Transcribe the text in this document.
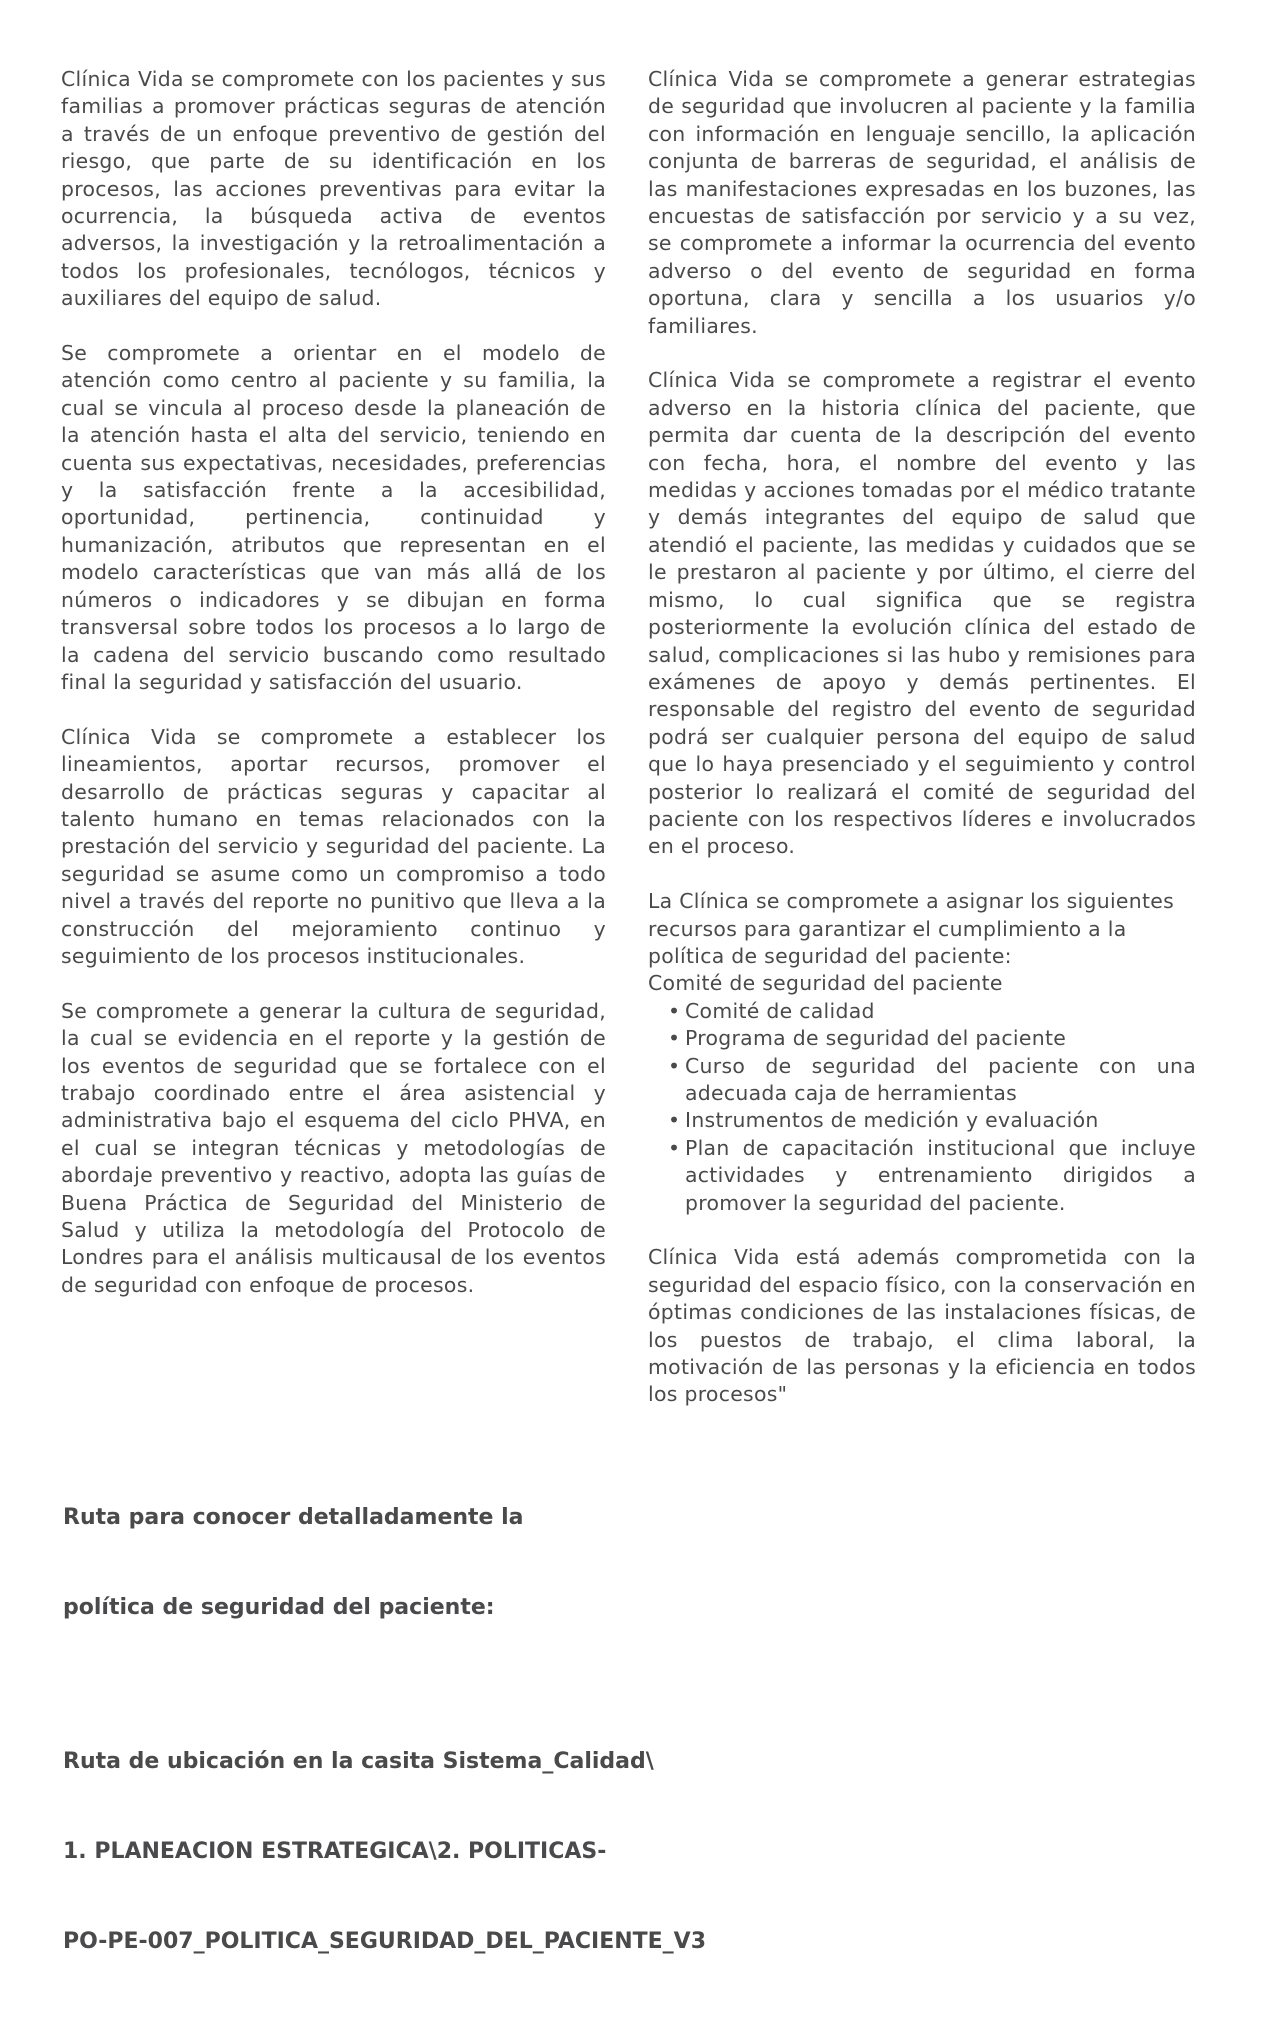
Clínica Vida se compromete con los pacientes y sus familias a promover prácticas seguras de atención a través de un enfoque preventivo de gestión del riesgo, que parte de su identificación en los procesos, las acciones preventivas para evitar la ocurrencia, la búsqueda activa de eventos adversos, la investigación y la retroalimentación a todos los profesionales, tecnólogos, técnicos y auxiliares del equipo de salud.

Se compromete a orientar en el modelo de atención como centro al paciente y su familia, la cual se vincula al proceso desde la planeación de la atención hasta el alta del servicio, teniendo en cuenta sus expectativas, necesidades, preferencias y la satisfacción frente a la accesibilidad, oportunidad, pertinencia, continuidad y humanización, atributos que representan en el modelo características que van más allá de los números o indicadores y se dibujan en forma transversal sobre todos los procesos a lo largo de la cadena del servicio buscando como resultado final la seguridad y satisfacción del usuario.

Clínica Vida se compromete a establecer los lineamientos, aportar recursos, promover el desarrollo de prácticas seguras y capacitar al talento humano en temas relacionados con la prestación del servicio y seguridad del paciente. La seguridad se asume como un compromiso a todo nivel a través del reporte no punitivo que lleva a la construcción del mejoramiento continuo y seguimiento de los procesos institucionales.

Se compromete a generar la cultura de seguridad, la cual se evidencia en el reporte y la gestión de los eventos de seguridad que se fortalece con el trabajo coordinado entre el área asistencial y administrativa bajo el esquema del ciclo PHVA, en el cual se integran técnicas y metodologías de abordaje preventivo y reactivo, adopta las guías de Buena Práctica de Seguridad del Ministerio de Salud y utiliza la metodología del Protocolo de Londres para el análisis multicausal de los eventos de seguridad con enfoque de procesos.

Clínica Vida se compromete a generar estrategias de seguridad que involucren al paciente y la familia con información en lenguaje sencillo, la aplicación conjunta de barreras de seguridad, el análisis de las manifestaciones expresadas en los buzones, las encuestas de satisfacción por servicio y a su vez, se compromete a informar la ocurrencia del evento adverso o del evento de seguridad en forma oportuna, clara y sencilla a los usuarios y/o familiares.

Clínica Vida se compromete a registrar el evento adverso en la historia clínica del paciente, que permita dar cuenta de la descripción del evento con fecha, hora, el nombre del evento y las medidas y acciones tomadas por el médico tratante y demás integrantes del equipo de salud que atendió el paciente, las medidas y cuidados que se le prestaron al paciente y por último, el cierre del mismo, lo cual significa que se registra posteriormente la evolución clínica del estado de salud, complicaciones si las hubo y remisiones para exámenes de apoyo y demás pertinentes. El responsable del registro del evento de seguridad podrá ser cualquier persona del equipo de salud que lo haya presenciado y el seguimiento y control posterior lo realizará el comité de seguridad del paciente con los respectivos líderes e involucrados en el proceso.

La Clínica se compromete a asignar los siguientes recursos para garantizar el cumplimiento a la política de seguridad del paciente:

Comité de seguridad del paciente

• Comité de calidad
• Programa de seguridad del paciente
• Curso de seguridad del paciente con una adecuada caja de herramientas
• Instrumentos de medición y evaluación
• Plan de capacitación institucional que incluye actividades y entrenamiento dirigidos a promover la seguridad del paciente.

Clínica Vida está además comprometida con la seguridad del espacio físico, con la conservación en óptimas condiciones de las instalaciones físicas, de los puestos de trabajo, el clima laboral, la motivación de las personas y la eficiencia en todos los procesos"

Ruta para conocer detalladamente la

política de seguridad del paciente:

Ruta de ubicación en la casita Sistema_Calidad\

1. PLANEACION ESTRATEGICA\2. POLITICAS-

PO-PE-007_POLITICA_SEGURIDAD_DEL_PACIENTE_V3
